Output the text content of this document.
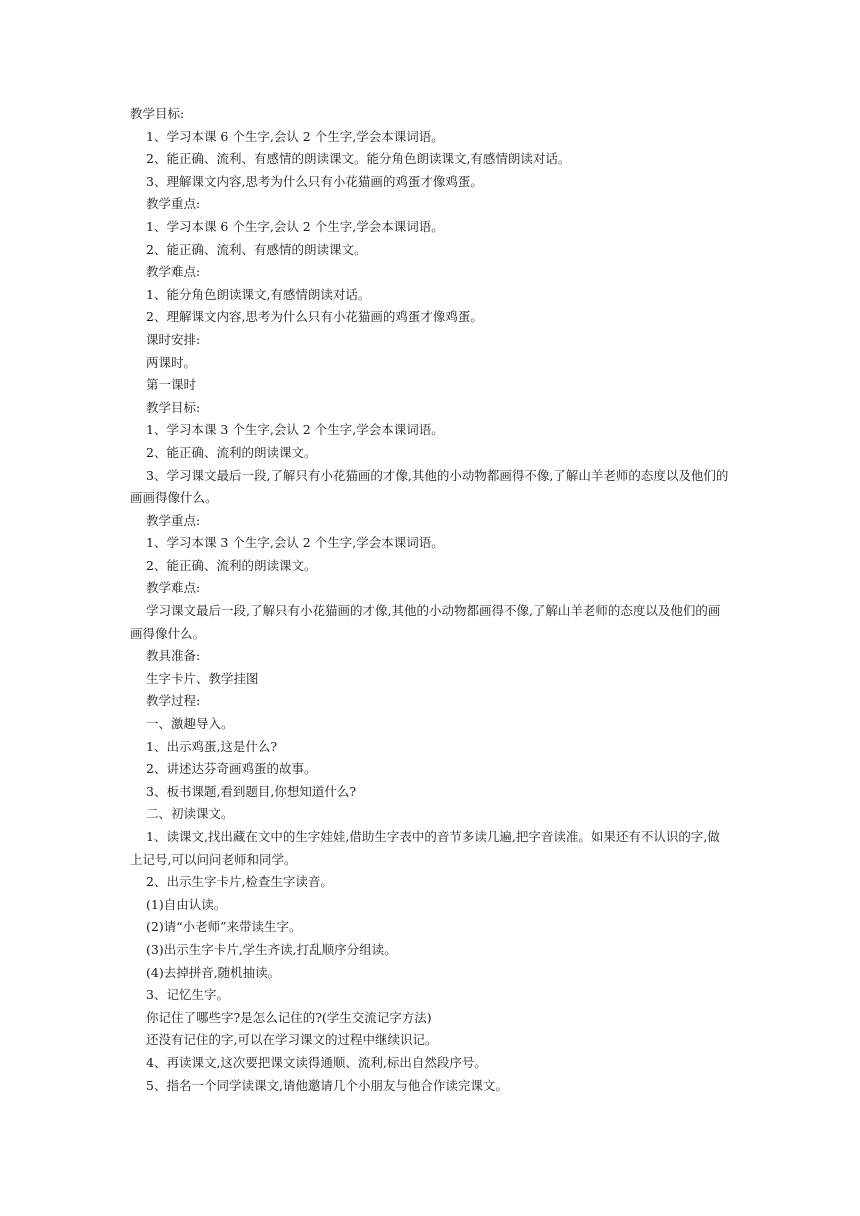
教学目标:

1、学习本课 6 个生字,会认 2 个生字,学会本课词语。

2、能正确、流利、有感情的朗读课文。能分角色朗读课文,有感情朗读对话。

3、理解课文内容,思考为什么只有小花猫画的鸡蛋才像鸡蛋。

教学重点:

1、学习本课 6 个生字,会认 2 个生字,学会本课词语。

2、能正确、流利、有感情的朗读课文。

教学难点:

1、能分角色朗读课文,有感情朗读对话。

2、理解课文内容,思考为什么只有小花猫画的鸡蛋才像鸡蛋。

课时安排:

两课时。

第一课时

教学目标:

1、学习本课 3 个生字,会认 2 个生字,学会本课词语。

2、能正确、流利的朗读课文。

3、学习课文最后一段,了解只有小花猫画的才像,其他的小动物都画得不像,了解山羊老师的态度以及他们的画画得像什么。

教学重点:

1、学习本课 3 个生字,会认 2 个生字,学会本课词语。

2、能正确、流利的朗读课文。

教学难点:

学习课文最后一段,了解只有小花猫画的才像,其他的小动物都画得不像,了解山羊老师的态度以及他们的画画得像什么。

教具准备:

生字卡片、教学挂图

教学过程:

一、激趣导入。

1、出示鸡蛋,这是什么?

2、讲述达芬奇画鸡蛋的故事。

3、板书课题,看到题目,你想知道什么?

二、初读课文。

1、读课文,找出藏在文中的生字娃娃,借助生字表中的音节多读几遍,把字音读准。如果还有不认识的字,做上记号,可以问问老师和同学。

2、出示生字卡片,检查生字读音。

(1)自由认读。

(2)请“小老师”来带读生字。

(3)出示生字卡片,学生齐读,打乱顺序分组读。

(4)去掉拼音,随机抽读。

3、记忆生字。

你记住了哪些字?是怎么记住的?(学生交流记字方法)

还没有记住的字,可以在学习课文的过程中继续识记。

4、再读课文,这次要把课文读得通顺、流利,标出自然段序号。

5、指名一个同学读课文,请他邀请几个小朋友与他合作读完课文。
